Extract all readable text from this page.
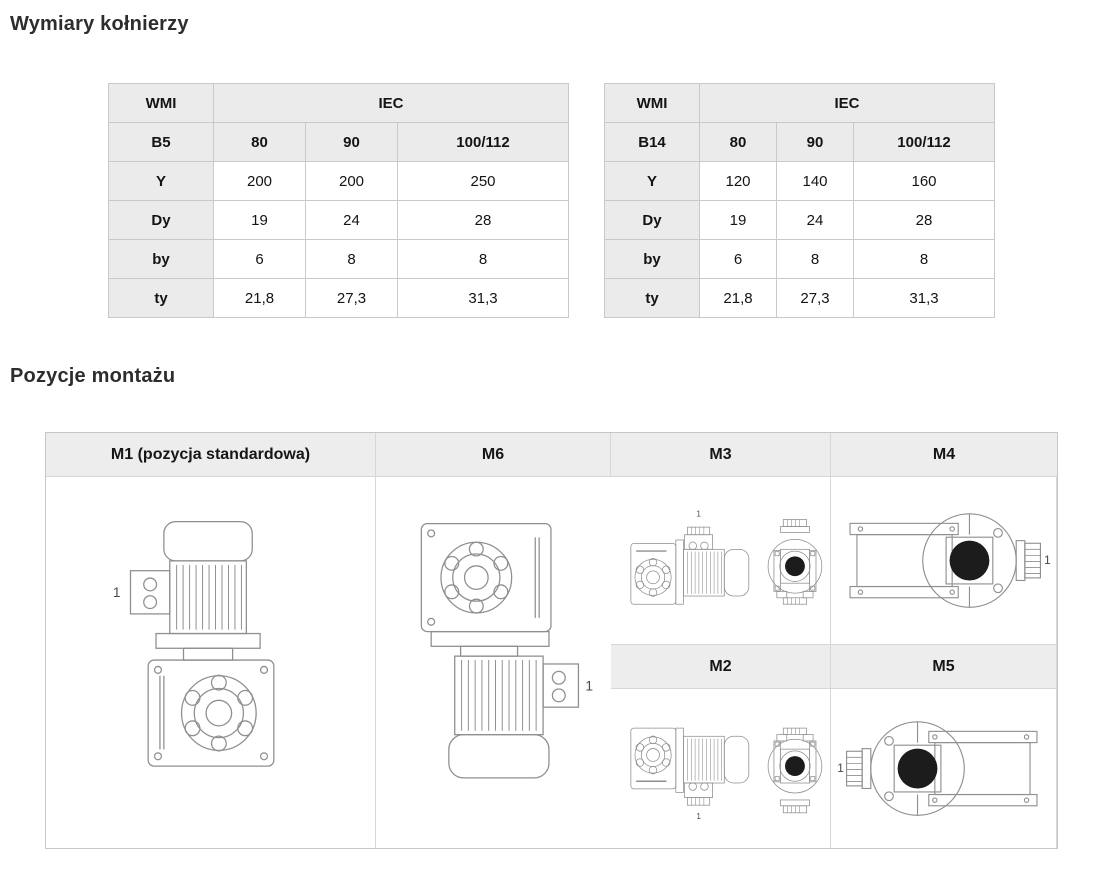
Wymiary kołnierzy
WMI	IEC		
B5	80	90	100/112
Y	200	200	250
Dy	19	24	28
by	6	8	8
ty	21,8	27,3	31,3
WMI	IEC		
B14	80	90	100/112
Y	120	140	160
Dy	19	24	28
by	6	8	8
ty	21,8	27,3	31,3
Pozycje montażu
M1 (pozycja standardowa)	M6	M3	M4
1
1
1
1
M2	M5
1
1
